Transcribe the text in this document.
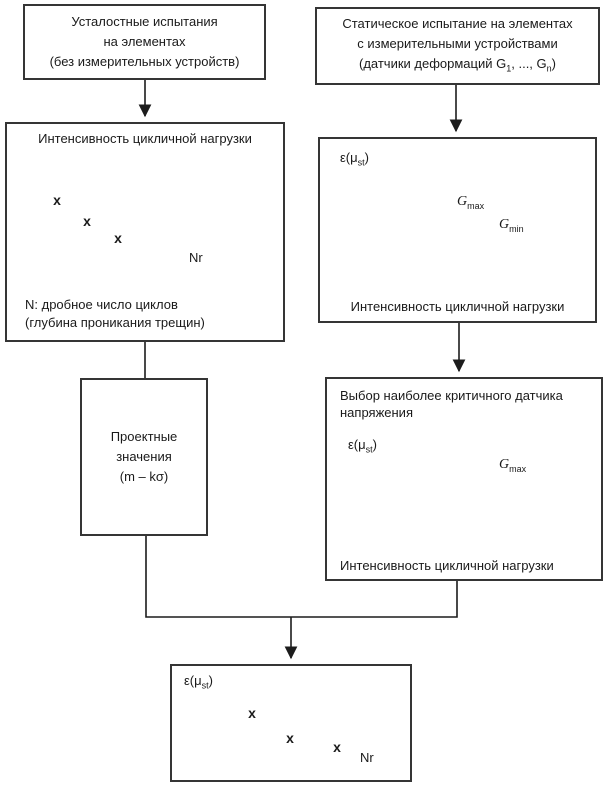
Усталостные испытания
на элементах
(без измерительных устройств)
Статическое испытание на элементах
с измерительными устройствами
(датчики деформаций $G_1$, ..., $G_n$)
Интенсивность цикличной нагрузки
N: дробное число циклов
(глубина проникания трещин)
x
x
x
Nr
Интенсивность цикличной нагрузки
$\varepsilon(\mu_{st})$
$G_{max}$
$G_{min}$
Проектные
значения
(m – kσ)
Выбор наиболее критичного датчика
напряжения
Интенсивность цикличной нагрузки
$\varepsilon(\mu_{st})$
$G_{max}$
$\varepsilon(\mu_{st})$
x
x
x
Nr
